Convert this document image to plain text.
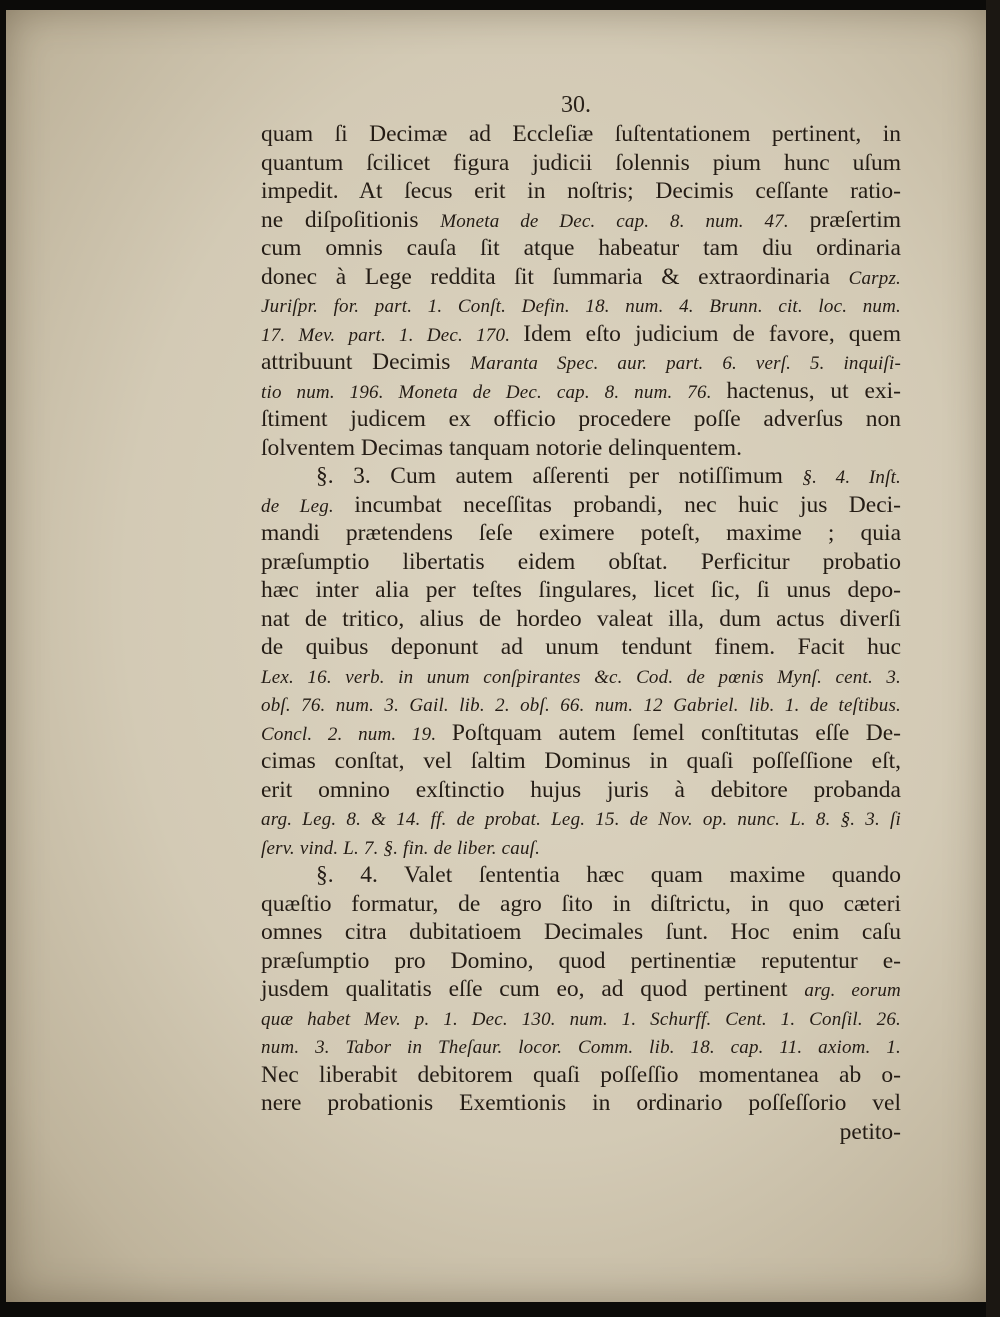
30.
quam ſi Decimæ ad Eccleſiæ ſuſtentationem pertinent, in
quantum ſcilicet figura judicii ſolennis pium hunc uſum
impedit. At ſecus erit in noſtris; Decimis ceſſante ratio-
ne diſpoſitionis Moneta de Dec. cap. 8. num. 47. præſertim
cum omnis cauſa ſit atque habeatur tam diu ordinaria
donec à Lege reddita ſit ſummaria & extraordinaria Carpz.
Juriſpr. for. part. 1. Conſt. Defin. 18. num. 4. Brunn. cit. loc. num.
17. Mev. part. 1. Dec. 170. Idem eſto judicium de favore, quem
attribuunt Decimis Maranta Spec. aur. part. 6. verſ. 5. inquiſi-
tio num. 196. Moneta de Dec. cap. 8. num. 76. hactenus, ut exi-
ſtiment judicem ex officio procedere poſſe adverſus non
ſolventem Decimas tanquam notorie delinquentem.
§. 3. Cum autem aſſerenti per notiſſimum §. 4. Inſt.
de Leg. incumbat neceſſitas probandi, nec huic jus Deci-
mandi prætendens ſeſe eximere poteſt, maxime ; quia
præſumptio libertatis eidem obſtat. Perficitur probatio
hæc inter alia per teſtes ſingulares, licet ſic, ſi unus depo-
nat de tritico, alius de hordeo valeat illa, dum actus diverſi
de quibus deponunt ad unum tendunt finem. Facit huc
Lex. 16. verb. in unum conſpirantes &c. Cod. de pœnis Mynſ. cent. 3.
obſ. 76. num. 3. Gail. lib. 2. obſ. 66. num. 12 Gabriel. lib. 1. de teſtibus.
Concl. 2. num. 19. Poſtquam autem ſemel conſtitutas eſſe De-
cimas conſtat, vel ſaltim Dominus in quaſi poſſeſſione eſt,
erit omnino exſtinctio hujus juris à debitore probanda
arg. Leg. 8. & 14. ff. de probat. Leg. 15. de Nov. op. nunc. L. 8. §. 3. ſi
ſerv. vind. L. 7. §. fin. de liber. cauſ.
§. 4. Valet ſententia hæc quam maxime quando
quæſtio formatur, de agro ſito in diſtrictu, in quo cæteri
omnes citra dubitatioem Decimales ſunt. Hoc enim caſu
præſumptio pro Domino, quod pertinentiæ reputentur e-
jusdem qualitatis eſſe cum eo, ad quod pertinent arg. eorum
quæ habet Mev. p. 1. Dec. 130. num. 1. Schurff. Cent. 1. Conſil. 26.
num. 3. Tabor in Theſaur. locor. Comm. lib. 18. cap. 11. axiom. 1.
Nec liberabit debitorem quaſi poſſeſſio momentanea ab o-
nere probationis Exemtionis in ordinario poſſeſſorio vel
petito-
